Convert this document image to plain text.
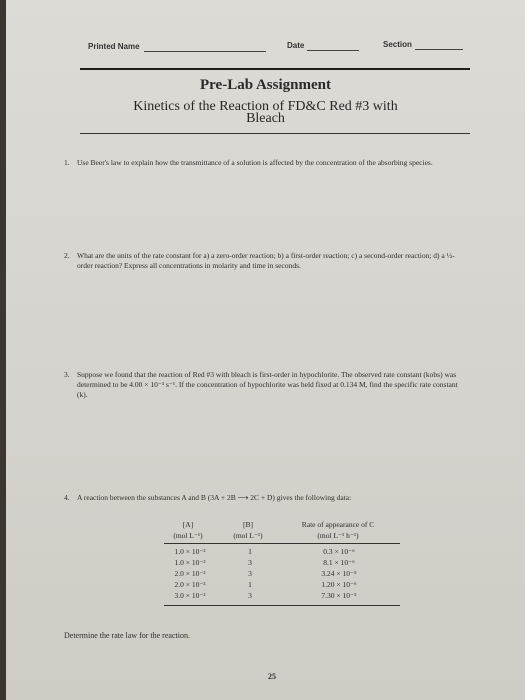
Printed Name	Date	Section
Pre-Lab Assignment
Kinetics of the Reaction of FD&C Red #3 with
Bleach
1. Use Beer's law to explain how the transmittance of a solution is affected by the concentration of the absorbing species.
2. What are the units of the rate constant for a) a zero-order reaction; b) a first-order reaction; c) a second-order reaction; d) a ½-order reaction? Express all concentrations in molarity and time in seconds.
3. Suppose we found that the reaction of Red #3 with bleach is first-order in hypochlorite. The observed rate constant (kobs) was determined to be 4.00 × 10⁻³ s⁻¹. If the concentration of hypochlorite was held fixed at 0.134 M, find the specific rate constant (k).
4. A reaction between the substances A and B (3A + 2B ⟶ 2C + D) gives the following data:
[A]
(mol L⁻¹)
[B]
(mol L⁻¹)
Rate of appearance of C
(mol L⁻¹ h⁻¹)
1.0 × 10⁻²
1.0 × 10⁻²
2.0 × 10⁻²
2.0 × 10⁻²
3.0 × 10⁻²
1
3
3
1
3
0.3 × 10⁻⁶
8.1 × 10⁻⁶
3.24 × 10⁻⁵
1.20 × 10⁻⁶
7.30 × 10⁻⁵
Determine the rate law for the reaction.
25
